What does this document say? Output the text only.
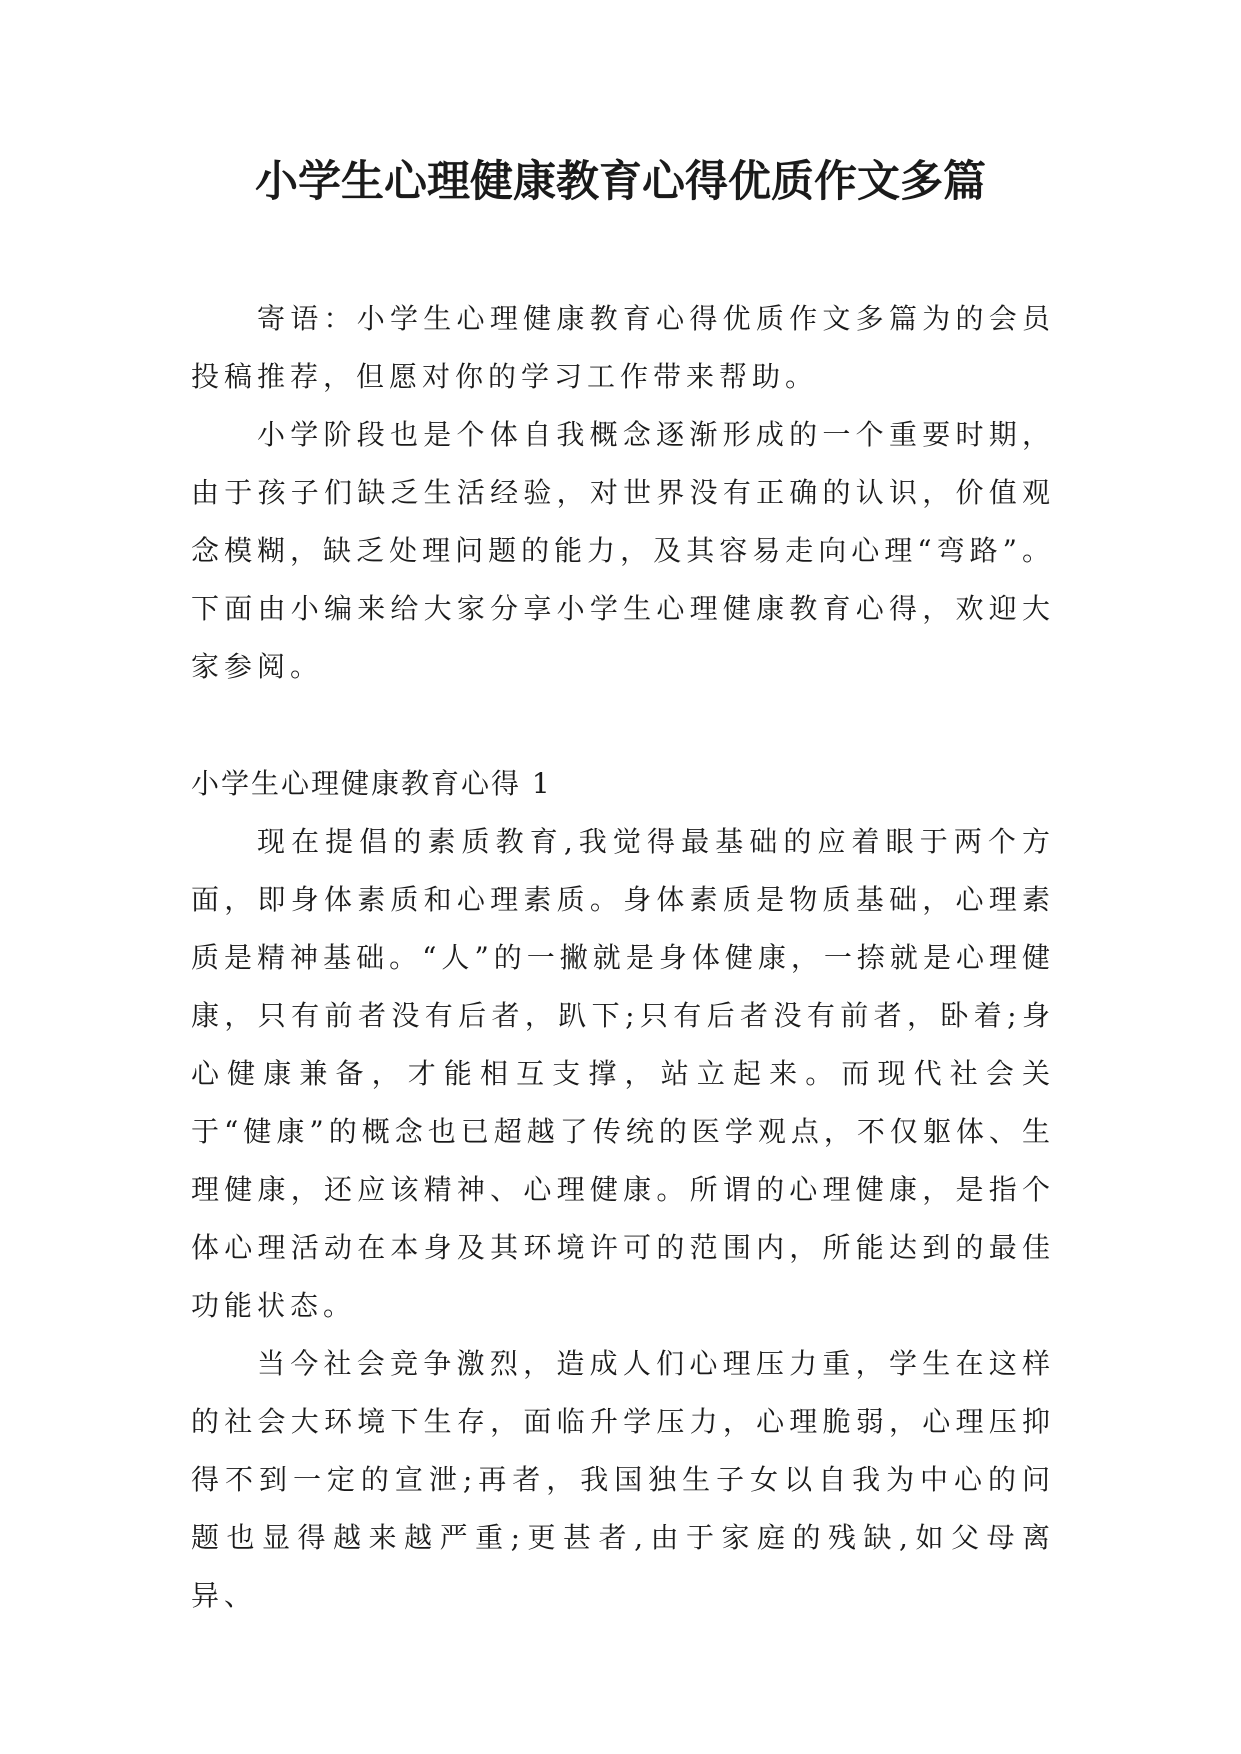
小学生心理健康教育心得优质作文多篇

寄语：小学生心理健康教育心得优质作文多篇为的会员投稿推荐，但愿对你的学习工作带来帮助。

小学阶段也是个体自我概念逐渐形成的一个重要时期，由于孩子们缺乏生活经验，对世界没有正确的认识，价值观念模糊，缺乏处理问题的能力，及其容易走向心理“弯路”。下面由小编来给大家分享小学生心理健康教育心得，欢迎大家参阅。

小学生心理健康教育心得 1

现在提倡的素质教育,我觉得最基础的应着眼于两个方面，即身体素质和心理素质。身体素质是物质基础，心理素质是精神基础。“人”的一撇就是身体健康，一捺就是心理健康，只有前者没有后者，趴下;只有后者没有前者，卧着;身心健康兼备，才能相互支撑，站立起来。而现代社会关于“健康”的概念也已超越了传统的医学观点，不仅躯体、生理健康，还应该精神、心理健康。所谓的心理健康，是指个体心理活动在本身及其环境许可的范围内，所能达到的最佳功能状态。

当今社会竞争激烈，造成人们心理压力重，学生在这样的社会大环境下生存，面临升学压力，心理脆弱，心理压抑得不到一定的宣泄;再者，我国独生子女以自我为中心的问题也显得越来越严重;更甚者,由于家庭的残缺,如父母离异、
